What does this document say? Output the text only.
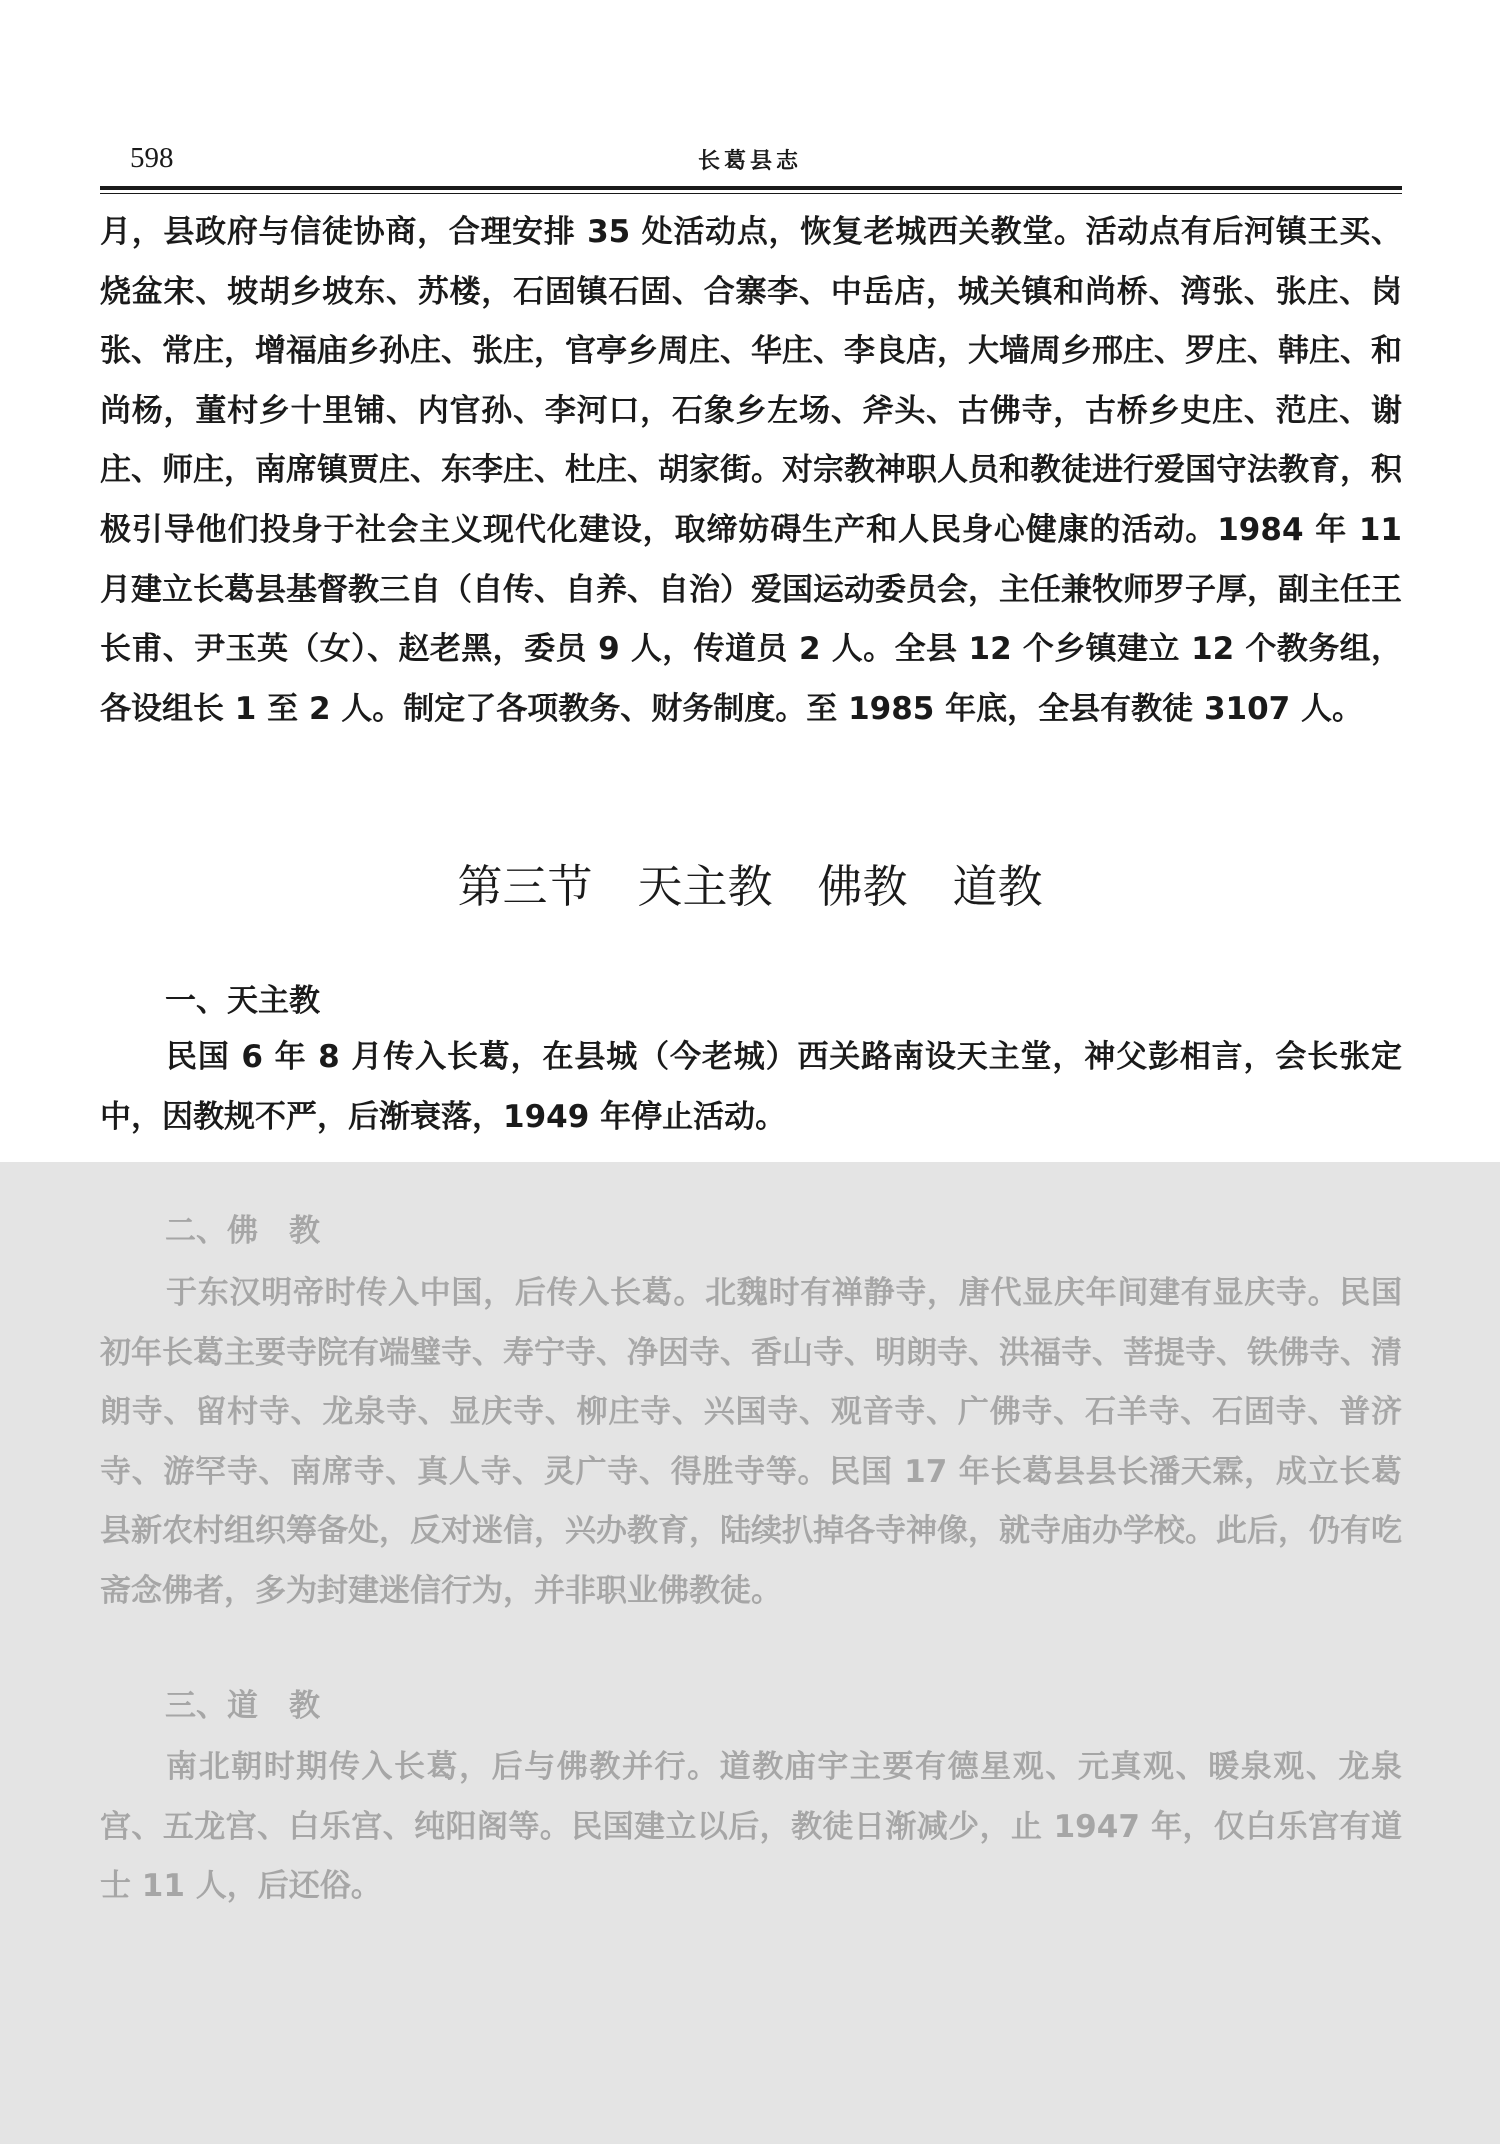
598	长葛县志

月，县政府与信徒协商，合理安排 35 处活动点，恢复老城西关教堂。活动点有后河镇王买、烧盆宋、坡胡乡坡东、苏楼，石固镇石固、合寨李、中岳店，城关镇和尚桥、湾张、张庄、岗张、常庄，增福庙乡孙庄、张庄，官亭乡周庄、华庄、李良店，大墙周乡邢庄、罗庄、韩庄、和尚杨，董村乡十里铺、内官孙、李河口，石象乡左场、斧头、古佛寺，古桥乡史庄、范庄、谢庄、师庄，南席镇贾庄、东李庄、杜庄、胡家街。对宗教神职人员和教徒进行爱国守法教育，积极引导他们投身于社会主义现代化建设，取缔妨碍生产和人民身心健康的活动。1984 年 11 月建立长葛县基督教三自（自传、自养、自治）爱国运动委员会，主任兼牧师罗子厚，副主任王长甫、尹玉英（女）、赵老黑，委员 9 人，传道员 2 人。全县 12 个乡镇建立 12 个教务组，各设组长 1 至 2 人。制定了各项教务、财务制度。至 1985 年底，全县有教徒 3107 人。

第三节　天主教　佛教　道教
一、天主教

民国 6 年 8 月传入长葛，在县城（今老城）西关路南设天主堂，神父彭相言，会长张定中，因教规不严，后渐衰落，1949 年停止活动。

二、佛　教

于东汉明帝时传入中国，后传入长葛。北魏时有禅静寺，唐代显庆年间建有显庆寺。民国初年长葛主要寺院有端璧寺、寿宁寺、净因寺、香山寺、明朗寺、洪福寺、菩提寺、铁佛寺、清朗寺、留村寺、龙泉寺、显庆寺、柳庄寺、兴国寺、观音寺、广佛寺、石羊寺、石固寺、普济寺、游罕寺、南席寺、真人寺、灵广寺、得胜寺等。民国 17 年长葛县县长潘天霖，成立长葛县新农村组织筹备处，反对迷信，兴办教育，陆续扒掉各寺神像，就寺庙办学校。此后，仍有吃斋念佛者，多为封建迷信行为，并非职业佛教徒。

三、道　教

南北朝时期传入长葛，后与佛教并行。道教庙宇主要有德星观、元真观、暖泉观、龙泉宫、五龙宫、白乐宫、纯阳阁等。民国建立以后，教徒日渐减少，止 1947 年，仅白乐宫有道士 11 人，后还俗。
